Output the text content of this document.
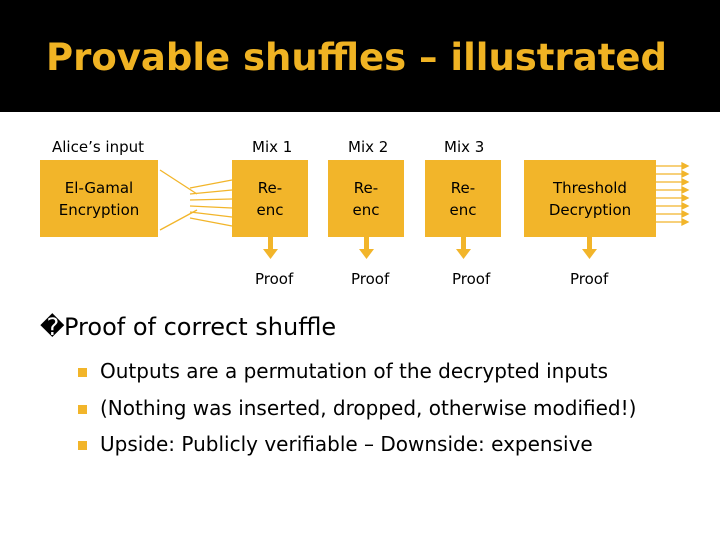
Provable shuffles – illustrated
Alice’s input	Mix 1	Mix 2	Mix 3
El-Gamal
Encryption
Re-
enc
Re-
enc
Re-
enc
Threshold
Decryption
Proof	Proof	Proof	Proof
�Proof of correct shuffle
Outputs are a permutation of the decrypted inputs
(Nothing was inserted, dropped, otherwise modified!)
Upside: Publicly verifiable – Downside: expensive
